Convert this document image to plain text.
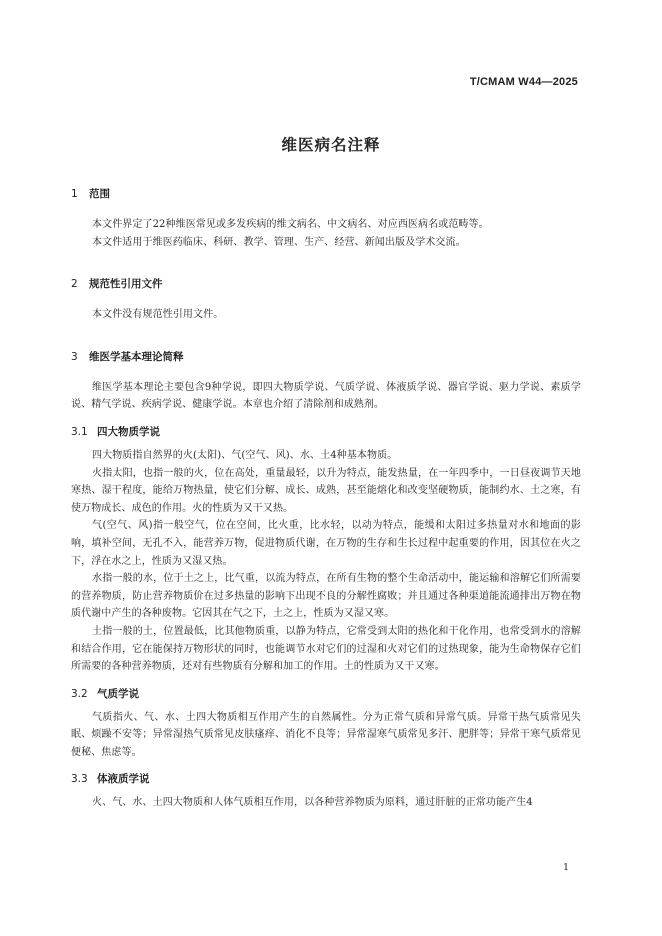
T/CMAM W44—2025
维医病名注释
1 范围

本文件界定了22种维医常见或多发疾病的维文病名、中文病名、对应西医病名或范畴等。

本文件适用于维医药临床、科研、教学、管理、生产、经营、新闻出版及学术交流。

2 规范性引用文件

本文件没有规范性引用文件。

3 维医学基本理论简释

维医学基本理论主要包含9种学说，即四大物质学说、气质学说、体液质学说、器官学说、驱力学说、素质学说、精气学说、疾病学说、健康学说。本章也介绍了清除剂和成熟剂。

3.1 四大物质学说

四大物质指自然界的火(太阳)、气(空气、风)、水、土4种基本物质。

火指太阳，也指一般的火，位在高处，重量最轻，以升为特点，能发热量，在一年四季中，一日昼夜调节天地寒热、湿干程度，能给万物热量，使它们分解、成长、成熟，甚至能熔化和改变坚硬物质，能制约水、土之寒，有使万物成长、成色的作用。火的性质为又干又热。

气(空气、风)指一般空气，位在空间，比火重，比水轻，以动为特点，能缓和太阳过多热量对水和地面的影响，填补空间，无孔不入，能营养万物，促进物质代谢，在万物的生存和生长过程中起重要的作用，因其位在火之下，浮在水之上，性质为又湿又热。

水指一般的水，位于土之上，比气重，以流为特点，在所有生物的整个生命活动中，能运输和溶解它们所需要的营养物质，防止营养物质价在过多热量的影响下出现不良的分解性腐败；并且通过各种渠道能流通排出万物在物质代谢中产生的各种废物。它因其在气之下，土之上，性质为又湿又寒。

土指一般的土，位置最低，比其他物质重，以静为特点，它常受到太阳的热化和干化作用，也常受到水的溶解和结合作用，它在能保持万物形状的同时，也能调节水对它们的过湿和火对它们的过热现象，能为生命物保存它们所需要的各种营养物质，还对有些物质有分解和加工的作用。土的性质为又干又寒。

3.2 气质学说

气质指火、气、水、土四大物质相互作用产生的自然属性。分为正常气质和异常气质。异常干热气质常见失眠、烦躁不安等；异常湿热气质常见皮肤瘙痒、消化不良等；异常湿寒气质常见多汗、肥胖等；异常干寒气质常见便秘、焦虑等。

3.3 体液质学说

火、气、水、土四大物质和人体气质相互作用，以各种营养物质为原料，通过肝脏的正常功能产生4

1
